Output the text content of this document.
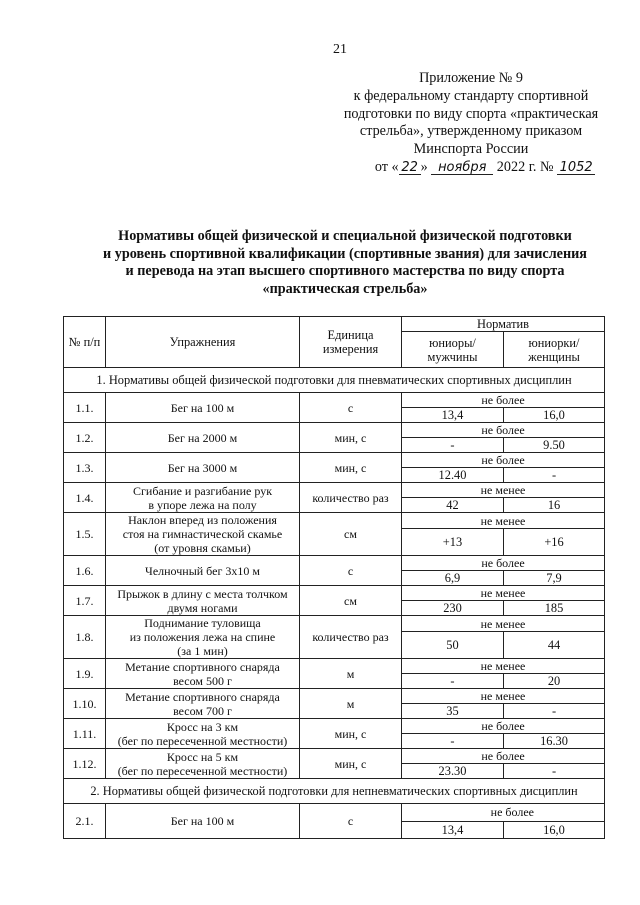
21
Приложение № 9
к федеральному стандарту спортивной
подготовки по виду спорта «практическая
стрельба», утвержденному приказом
Минспорта России
от « 22 » ноября 2022 г. № 1052
Нормативы общей физической и специальной физической подготовки
и уровень спортивной квалификации (спортивные звания) для зачисления
и перевода на этап высшего спортивного мастерства по виду спорта
«практическая стрельба»
№ п/п	Упражнения	Единица измерения	Норматив	
			юниоры/ мужчины	юниорки/ женщины
1. Нормативы общей физической подготовки для пневматических спортивных дисциплин				
1.1.	Бег на 100 м	с	не более	
			13,4	16,0
1.2.	Бег на 2000 м	мин, с	не более	
			-	9.50
1.3.	Бег на 3000 м	мин, с	не более	
			12.40	-
1.4.	Сгибание и разгибание рук
в упоре лежа на полу	количество раз	не менее	
			42	16
1.5.	Наклон вперед из положения
стоя на гимнастической скамье
(от уровня скамьи)	см	не менее	
			+13	+16
1.6.	Челночный бег 3x10 м	с	не более	
			6,9	7,9
1.7.	Прыжок в длину с места толчком
двумя ногами	см	не менее	
			230	185
1.8.	Поднимание туловища
из положения лежа на спине
(за 1 мин)	количество раз	не менее	
			50	44
1.9.	Метание спортивного снаряда
весом 500 г	м	не менее	
			-	20
1.10.	Метание спортивного снаряда
весом 700 г	м	не менее	
			35	-
1.11.	Кросс на 3 км
(бег по пересеченной местности)	мин, с	не более	
			-	16.30
1.12.	Кросс на 5 км
(бег по пересеченной местности)	мин, с	не более	
			23.30	-
2. Нормативы общей физической подготовки для непневматических спортивных дисциплин				
2.1.	Бег на 100 м	с	не более	
			13,4	16,0
